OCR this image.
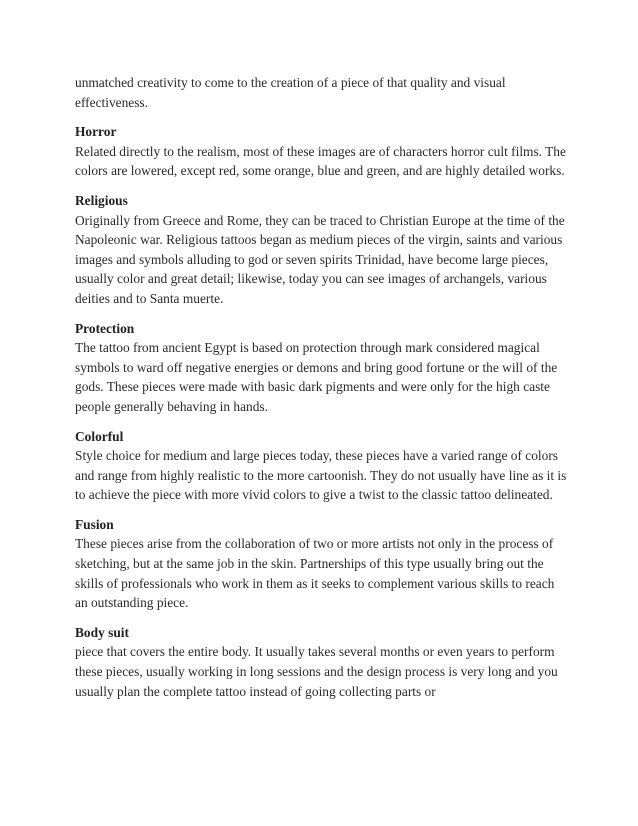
unmatched creativity to come to the creation of a piece of that quality and visual effectiveness.

Horror
Related directly to the realism, most of these images are of characters horror cult films. The colors are lowered, except red, some orange, blue and green, and are highly detailed works.
Religious
Originally from Greece and Rome, they can be traced to Christian Europe at the time of the Napoleonic war. Religious tattoos began as medium pieces of the virgin, saints and various images and symbols alluding to god or seven spirits Trinidad, have become large pieces, usually color and great detail; likewise, today you can see images of archangels, various deities and to Santa muerte.
Protection
The tattoo from ancient Egypt is based on protection through mark considered magical symbols to ward off negative energies or demons and bring good fortune or the will of the gods. These pieces were made with basic dark pigments and were only for the high caste people generally behaving in hands.
Colorful
Style choice for medium and large pieces today, these pieces have a varied range of colors and range from highly realistic to the more cartoonish. They do not usually have line as it is to achieve the piece with more vivid colors to give a twist to the classic tattoo delineated.
Fusion
These pieces arise from the collaboration of two or more artists not only in the process of sketching, but at the same job in the skin. Partnerships of this type usually bring out the skills of professionals who work in them as it seeks to complement various skills to reach an outstanding piece.
Body suit
piece that covers the entire body. It usually takes several months or even years to perform these pieces, usually working in long sessions and the design process is very long and you usually plan the complete tattoo instead of going collecting parts or
